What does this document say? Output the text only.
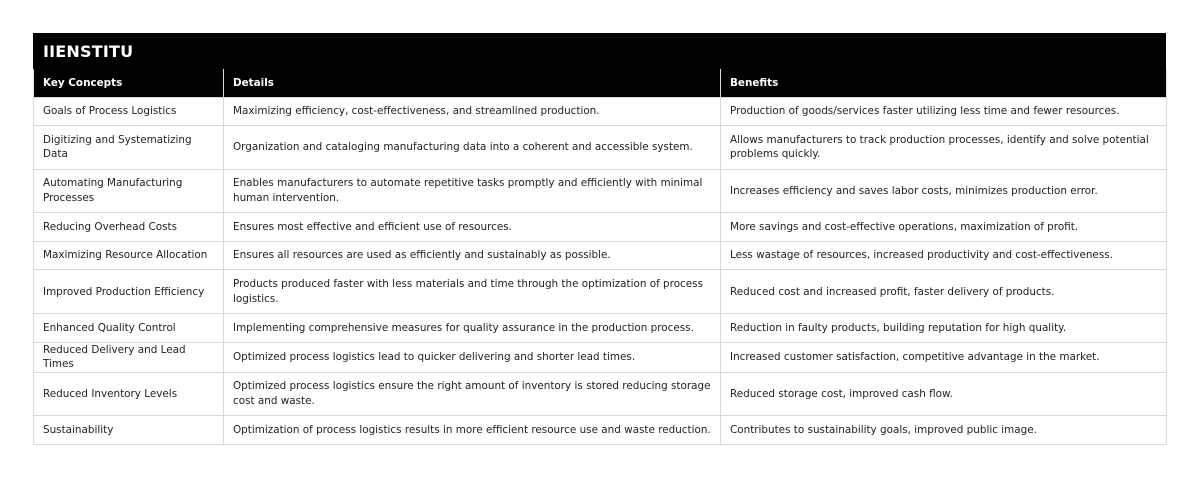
IIENSTITU
Key Concepts	Details	Benefits
Goals of Process Logistics	Maximizing efficiency, cost-effectiveness, and streamlined production.	Production of goods/services faster utilizing less time and fewer resources.
Digitizing and Systematizing Data	Organization and cataloging manufacturing data into a coherent and accessible system.	Allows manufacturers to track production processes, identify and solve potential problems quickly.
Automating Manufacturing Processes	Enables manufacturers to automate repetitive tasks promptly and efficiently with minimal human intervention.	Increases efficiency and saves labor costs, minimizes production error.
Reducing Overhead Costs	Ensures most effective and efficient use of resources.	More savings and cost-effective operations, maximization of profit.
Maximizing Resource Allocation	Ensures all resources are used as efficiently and sustainably as possible.	Less wastage of resources, increased productivity and cost-effectiveness.
Improved Production Efficiency	Products produced faster with less materials and time through the optimization of process logistics.	Reduced cost and increased profit, faster delivery of products.
Enhanced Quality Control	Implementing comprehensive measures for quality assurance in the production process.	Reduction in faulty products, building reputation for high quality.
Reduced Delivery and Lead Times	Optimized process logistics lead to quicker delivering and shorter lead times.	Increased customer satisfaction, competitive advantage in the market.
Reduced Inventory Levels	Optimized process logistics ensure the right amount of inventory is stored reducing storage cost and waste.	Reduced storage cost, improved cash flow.
Sustainability	Optimization of process logistics results in more efficient resource use and waste reduction.	Contributes to sustainability goals, improved public image.
